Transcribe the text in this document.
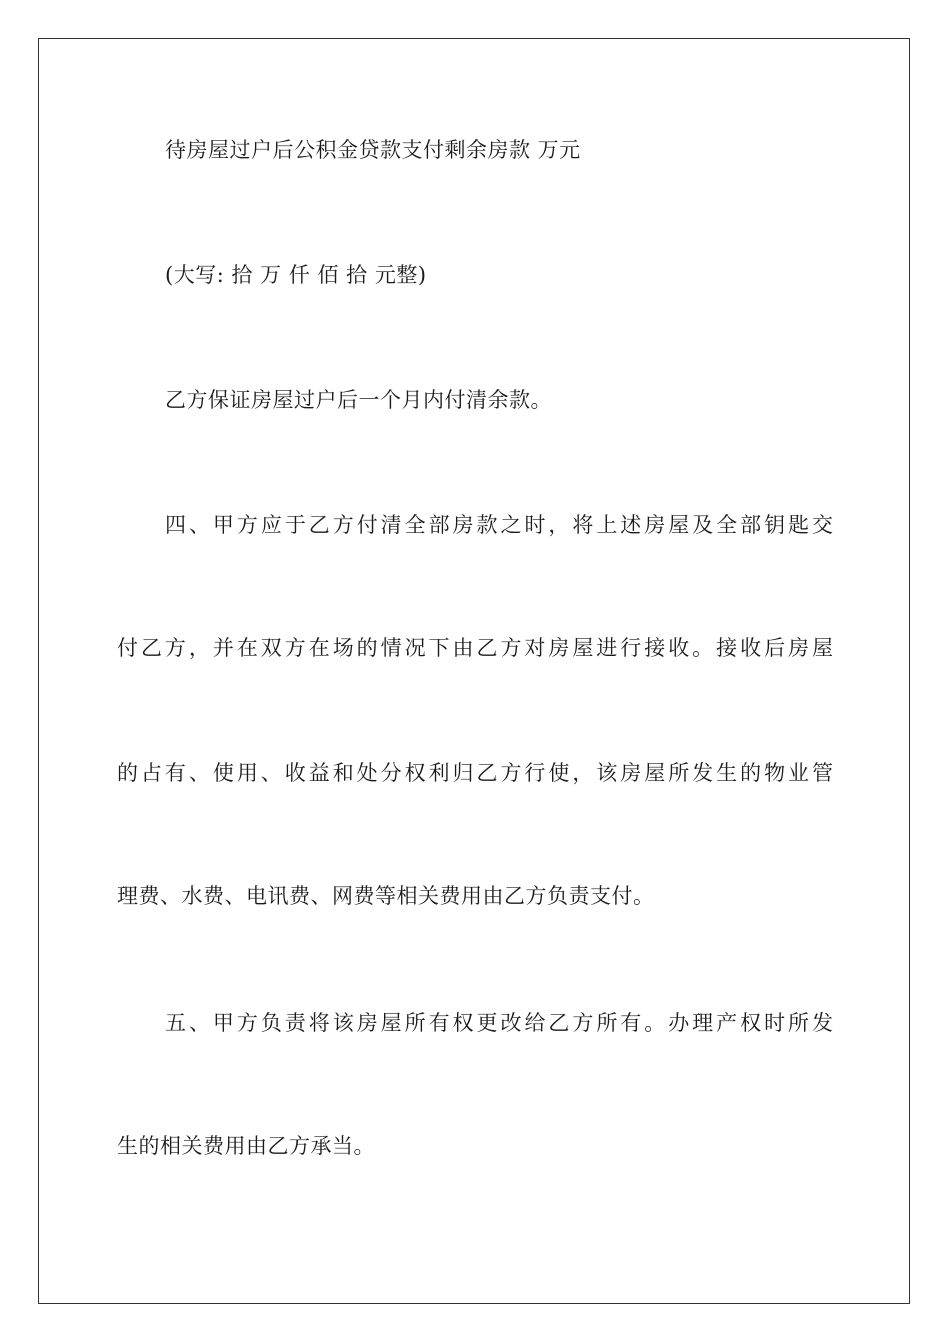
待房屋过户后公积金贷款支付剩余房款 万元
(大写: 拾 万 仟 佰 拾 元整)
乙方保证房屋过户后一个月内付清余款。
四、甲方应于乙方付清全部房款之时，将上述房屋及全部钥匙交
付乙方，并在双方在场的情况下由乙方对房屋进行接收。接收后房屋
的占有、使用、收益和处分权利归乙方行使，该房屋所发生的物业管
理费、水费、电讯费、网费等相关费用由乙方负责支付。
五、甲方负责将该房屋所有权更改给乙方所有。办理产权时所发
生的相关费用由乙方承当。
